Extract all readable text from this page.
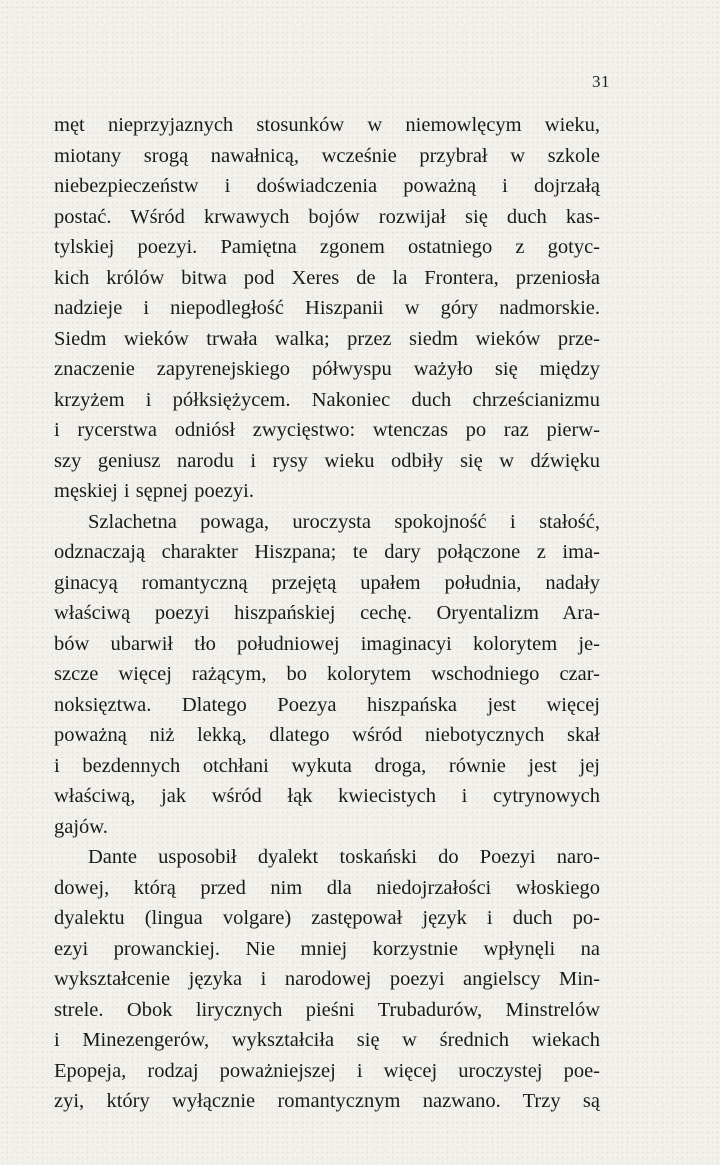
31
męt nieprzyjaznych stosunków w niemowlęcym wieku,
miotany srogą nawałnicą, wcześnie przybrał w szkole
niebezpieczeństw i doświadczenia poważną i dojrzałą
postać. Wśród krwawych bojów rozwijał się duch kas-
tylskiej poezyi. Pamiętna zgonem ostatniego z gotyc-
kich królów bitwa pod Xeres de la Frontera, przeniosła
nadzieje i niepodległość Hiszpanii w góry nadmorskie.
Siedm wieków trwała walka; przez siedm wieków prze-
znaczenie zapyrenejskiego półwyspu ważyło się między
krzyżem i półksiężycem. Nakoniec duch chrześcianizmu
i rycerstwa odniósł zwycięstwo: wtenczas po raz pierw-
szy geniusz narodu i rysy wieku odbiły się w dźwięku
męskiej i sępnej poezyi.
Szlachetna powaga, uroczysta spokojność i stałość,
odznaczają charakter Hiszpana; te dary połączone z ima-
ginacyą romantyczną przejętą upałem południa, nadały
właściwą poezyi hiszpańskiej cechę. Oryentalizm Ara-
bów ubarwił tło południowej imaginacyi kolorytem je-
szcze więcej rażącym, bo kolorytem wschodniego czar-
noksięztwa. Dlatego Poezya hiszpańska jest więcej
poważną niż lekką, dlatego wśród niebotycznych skał
i bezdennych otchłani wykuta droga, równie jest jej
właściwą, jak wśród łąk kwiecistych i cytrynowych
gajów.
Dante usposobił dyalekt toskański do Poezyi naro-
dowej, którą przed nim dla niedojrzałości włoskiego
dyalektu (lingua volgare) zastępował język i duch po-
ezyi prowanckiej. Nie mniej korzystnie wpłynęli na
wykształcenie języka i narodowej poezyi angielscy Min-
strele. Obok lirycznych pieśni Trubadurów, Minstrelów
i Minezengerów, wykształciła się w średnich wiekach
Epopeja, rodzaj poważniejszej i więcej uroczystej poe-
zyi, który wyłącznie romantycznym nazwano. Trzy są
